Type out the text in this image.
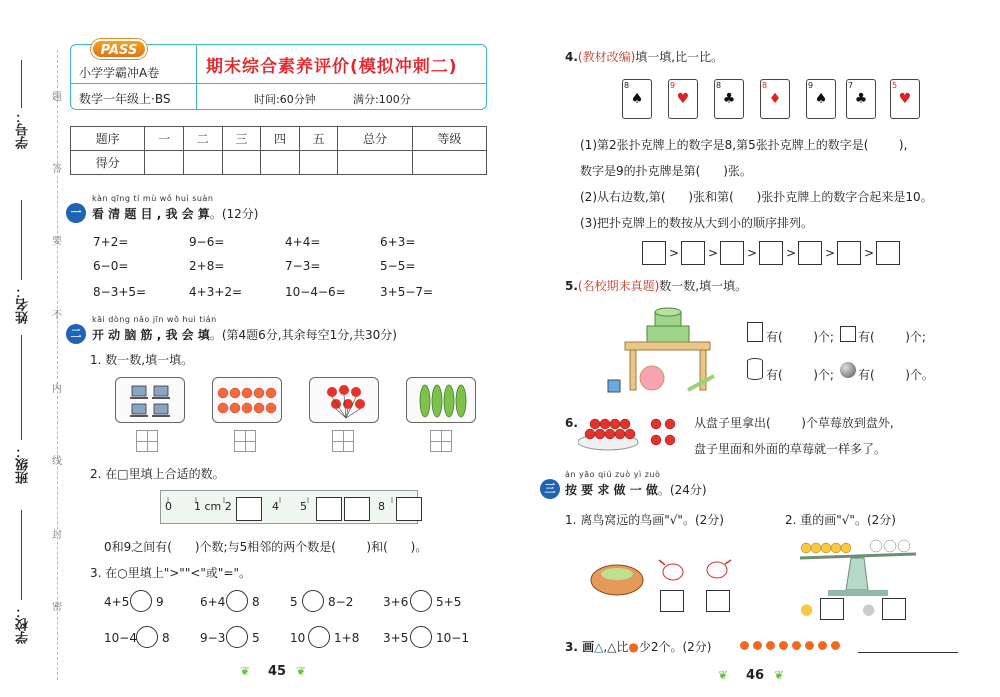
学号：
姓名：
班级：
学校：
题
答
要
不
内
线
封
密
PASS
小学学霸冲A卷	期末综合素养评价(模拟冲刺二)
数学一年级上·BS	时间:60分钟	满分:100分
题序	一	二	三	四	五	总分	等级
得分							
kàn qīng tí mù wǒ huì suàn
一 看 清 题 目 , 我 会 算。(12分)
7+2=	9−6=	4+4=	6+3=
6−0=	2+8=	7−3=	5−5=
8−3+5=	4+3+2=	10−4−6=	3+5−7=
kāi dòng nǎo jīn wǒ huì tián
二 开 动 脑 筋 , 我 会 填。(第4题6分,其余每空1分,共30分)
1. 数一数,填一填。
2. 在□里填上合适的数。
0 1 cm 2	4 5	8
0和9之间有(      )个数;与5相邻的两个数是(        )和(      )。
3. 在○里填上">""<"或"="。
4+5 9	6+4 8	5	8−2 3+6 5+5
10−4 8	9−3 5	10 1+8 3+5 10−1
❦ 45 ❦
4.(教材改编)填一填,比一比。
8
♠
9
♥
8
♣
8
♦
9
♠
7
♣
5
♥
(1)第2张扑克牌上的数字是8,第5张扑克牌上的数字是(        ),
数字是9的扑克牌是第(      )张。
(2)从右边数,第(      )张和第(      )张扑克牌上的数字合起来是10。
(3)把扑克牌上的数按从大到小的顺序排列。
> > > > > >
5.(名校期末真题)数一数,填一填。
有(        )个; 有(        )个;
有(        )个; 有(        )个。
6.	从盘子里拿出(        )个草莓放到盘外,
盘子里面和外面的草莓就一样多了。
àn yāo qiú zuò yì zuò
三 按 要 求 做 一 做。(24分)
1. 离鸟窝远的鸟画"√"。(2分)	2. 重的画"√"。(2分)
●	●
3. 画△,△比●少2个。(2分)
❦ 46 ❦
